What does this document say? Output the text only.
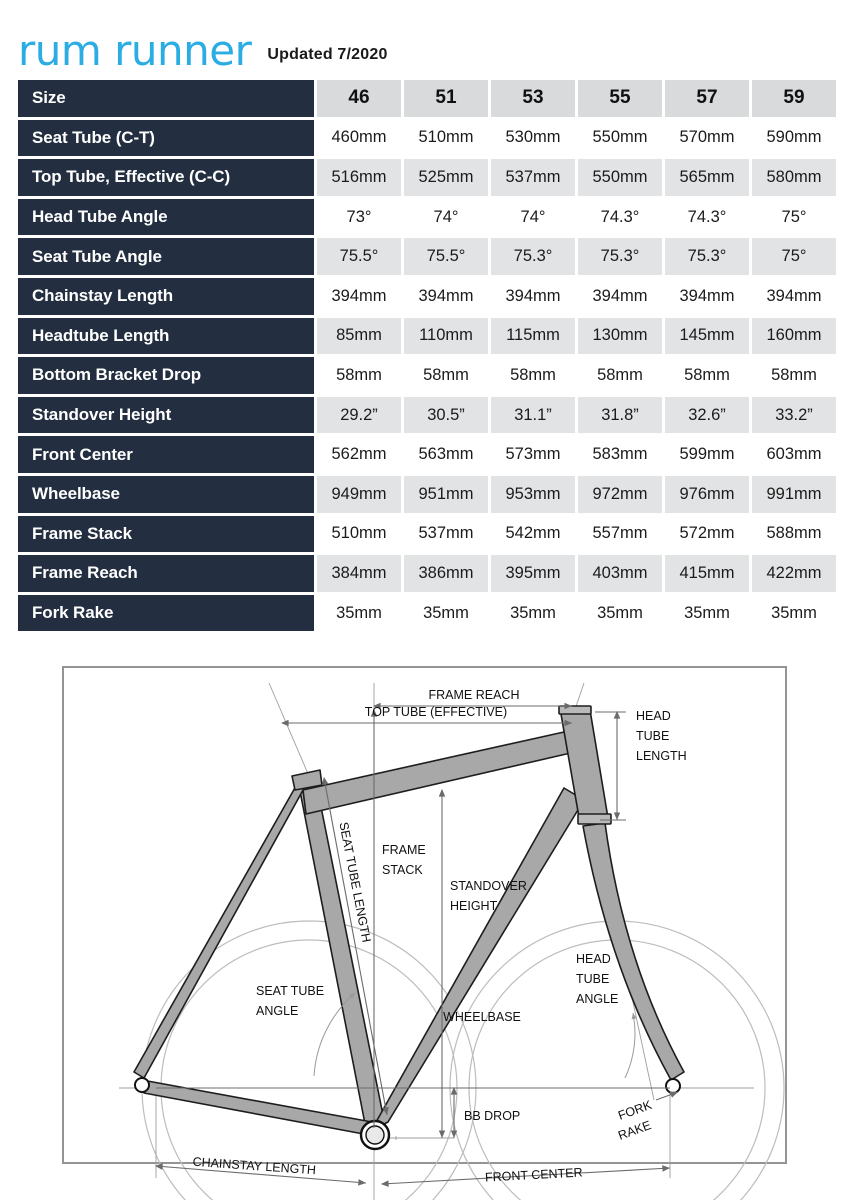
rum runner Updated 7/2020
Size	46	51	53	55	57	59
Seat Tube (C-T)	460mm	510mm	530mm	550mm	570mm	590mm
Top Tube, Effective (C-C)	516mm	525mm	537mm	550mm	565mm	580mm
Head Tube Angle	73°	74°	74°	74.3°	74.3°	75°
Seat Tube Angle	75.5°	75.5°	75.3°	75.3°	75.3°	75°
Chainstay Length	394mm	394mm	394mm	394mm	394mm	394mm
Headtube Length	85mm	110mm	115mm	130mm	145mm	160mm
Bottom Bracket Drop	58mm	58mm	58mm	58mm	58mm	58mm
Standover Height	29.2”	30.5”	31.1”	31.8”	32.6”	33.2”
Front Center	562mm	563mm	573mm	583mm	599mm	603mm
Wheelbase	949mm	951mm	953mm	972mm	976mm	991mm
Frame Stack	510mm	537mm	542mm	557mm	572mm	588mm
Frame Reach	384mm	386mm	395mm	403mm	415mm	422mm
Fork Rake	35mm	35mm	35mm	35mm	35mm	35mm
FRAME REACH
TOP TUBE (EFFECTIVE)	HEAD
TUBE
LENGTH
SEAT TUBE LENGTH FRAME
STACK
STANDOVER
HEIGHT
SEAT TUBE
ANGLE
HEAD
TUBE
ANGLE
WHEELBASE
BB DROP	FORK
RAKE
CHAINSTAY LENGTH	FRONT CENTER
